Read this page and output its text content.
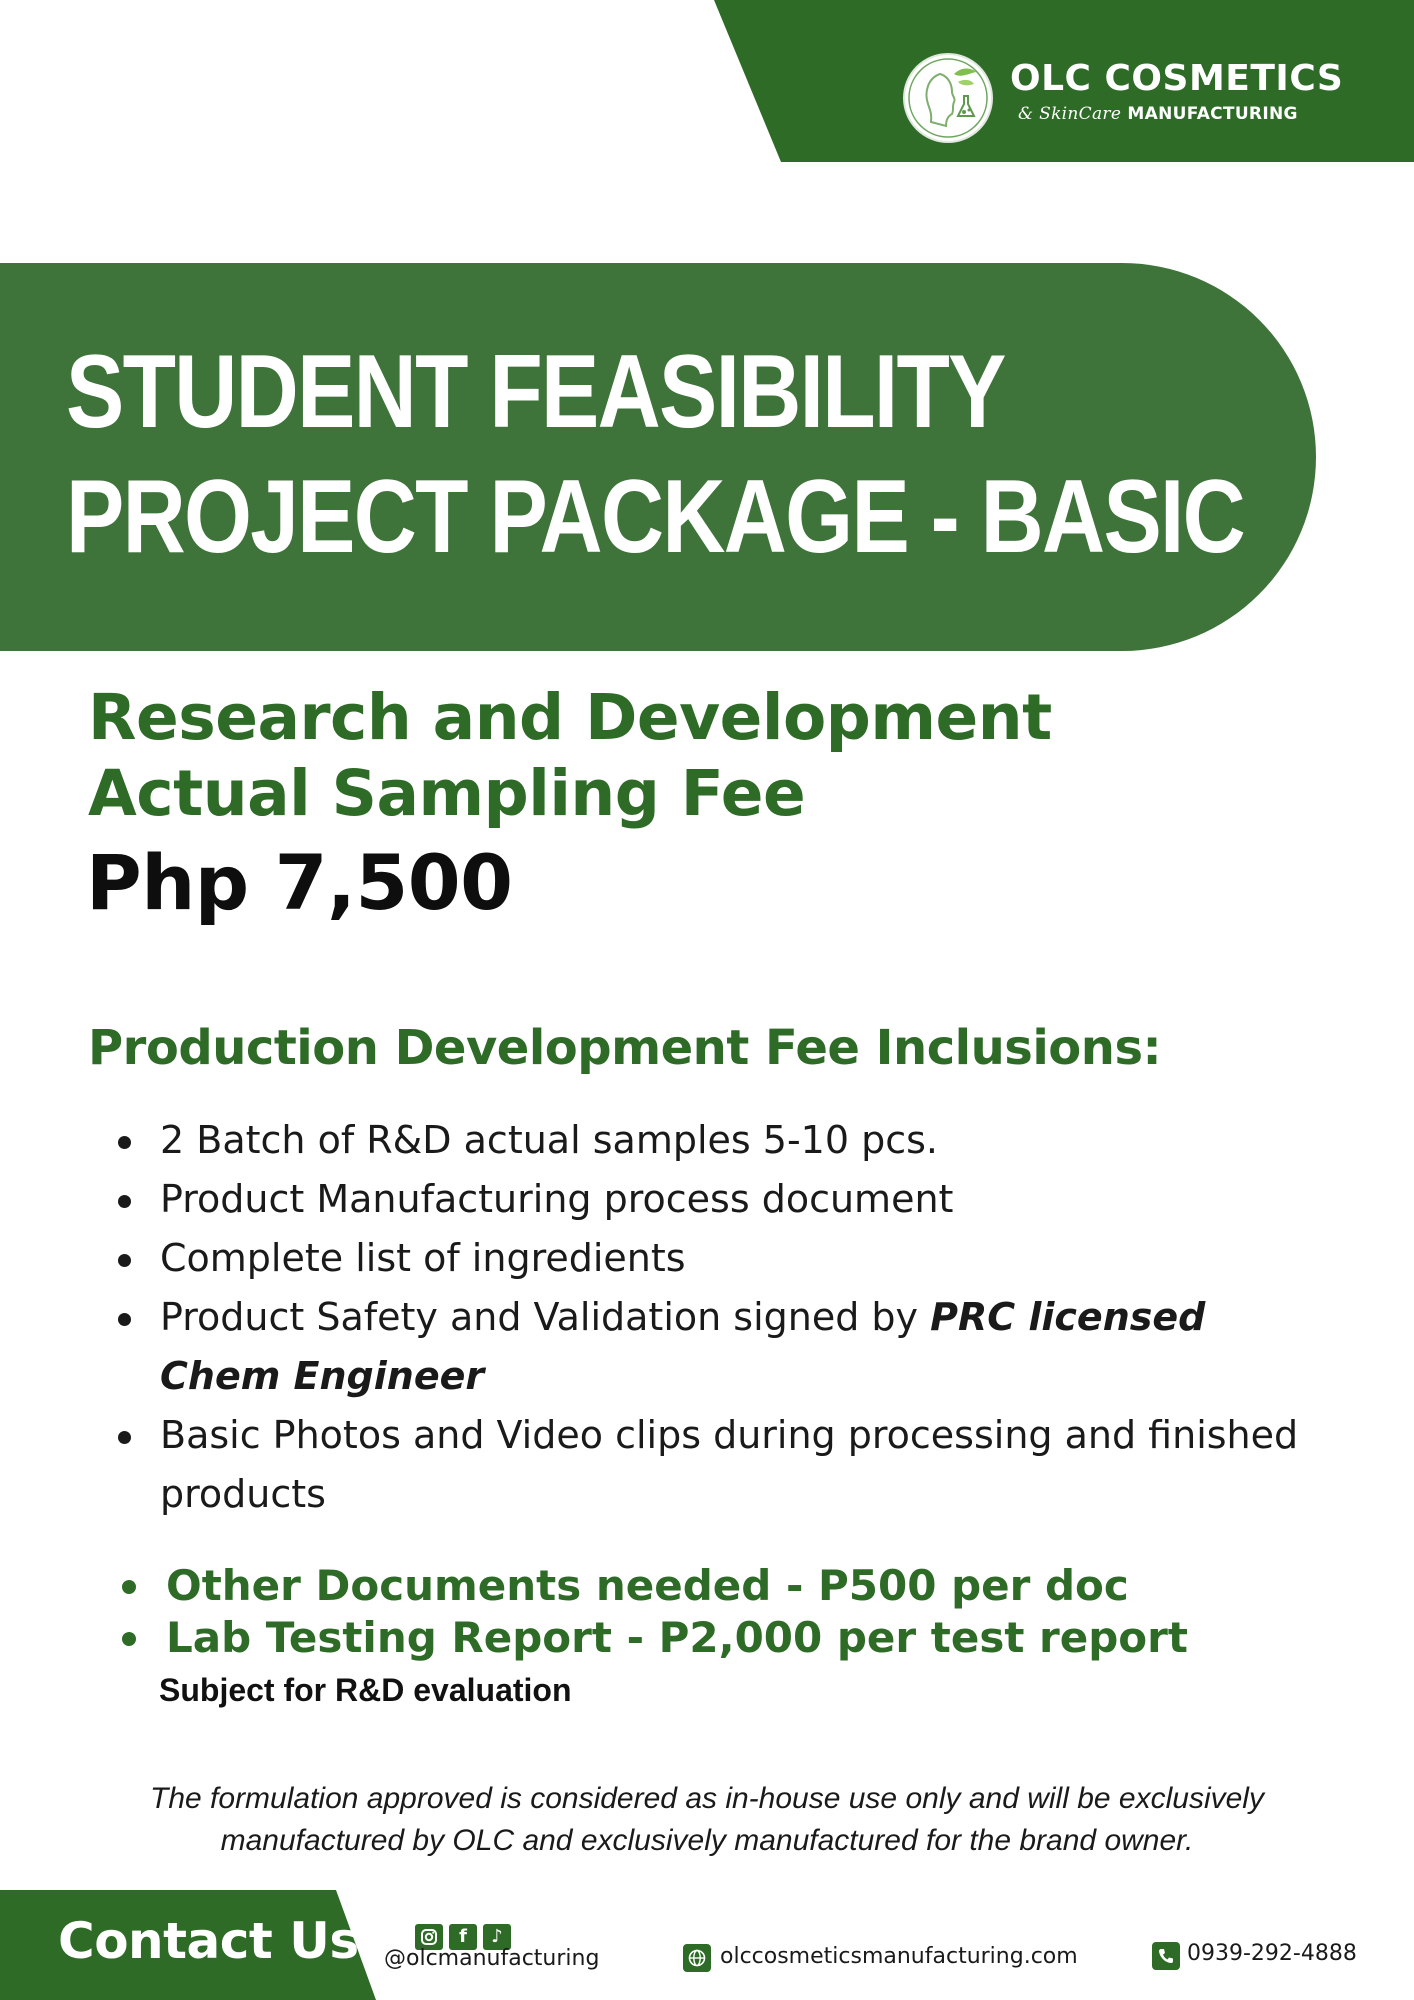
OLC COSMETICS
& SkinCare MANUFACTURING
STUDENT FEASIBILITY
PROJECT PACKAGE - BASIC
Research and Development
Actual Sampling Fee
Php 7,500
Production Development Fee Inclusions:
2 Batch of R&D actual samples 5-10 pcs.
Product Manufacturing process document
Complete list of ingredients
Product Safety and Validation signed by PRC licensed Chem Engineer
Basic Photos and Video clips during processing and finished products
Other Documents needed - P500 per doc
Lab Testing Report - P2,000 per test report
Subject for R&D evaluation
The formulation approved is considered as in-house use only and will be exclusively
manufactured by OLC and exclusively manufactured for the brand owner.
Contact Us	f	♪
@olcmanufacturing	olccosmeticsmanufacturing.com	0939-292-4888
